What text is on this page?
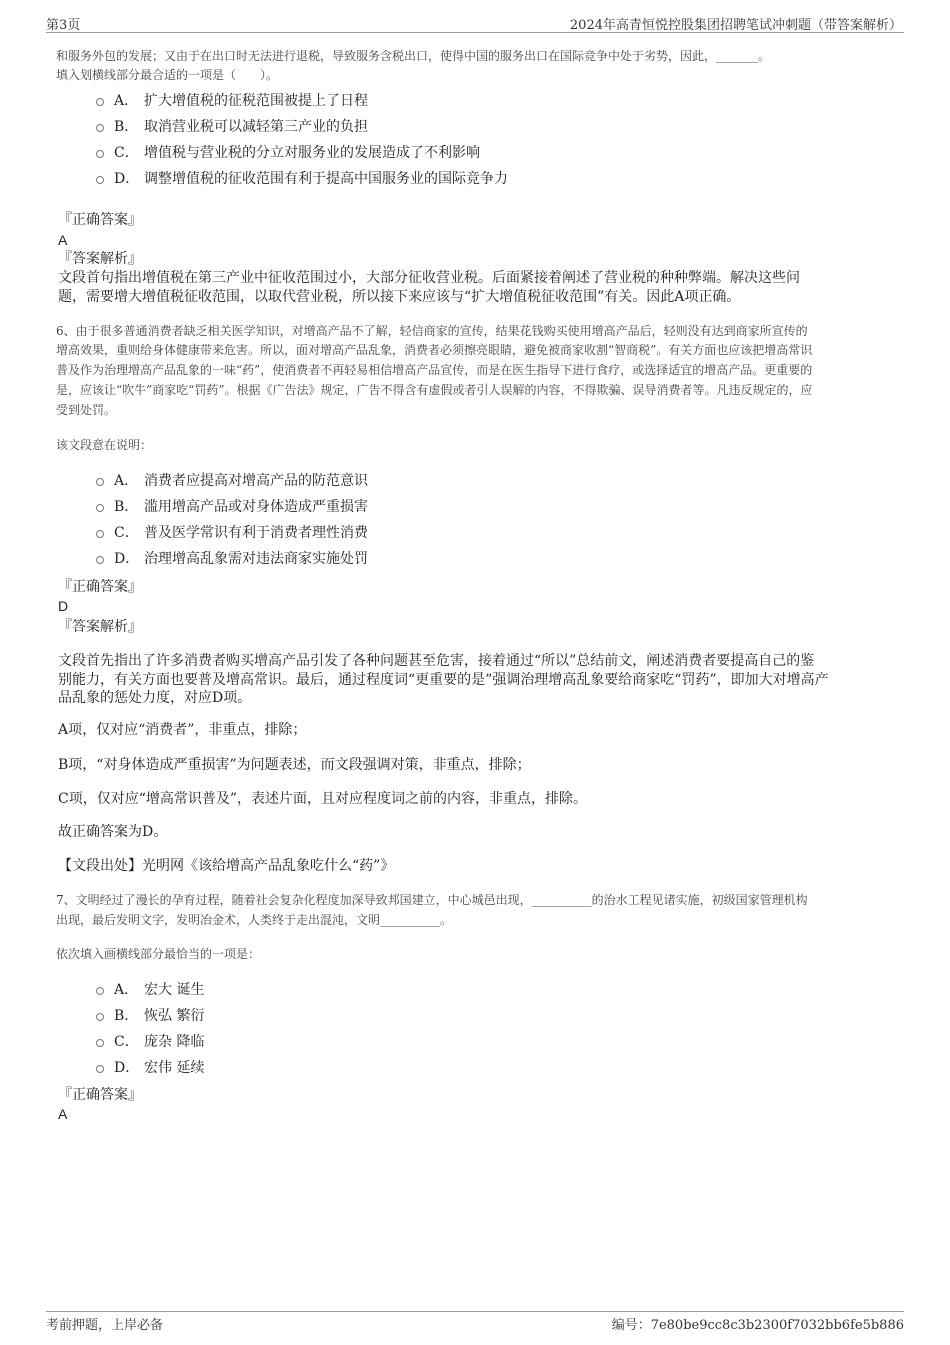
第3页	2024年高青恒悦控股集团招聘笔试冲刺题（带答案解析）
和服务外包的发展；又由于在出口时无法进行退税，导致服务含税出口，使得中国的服务出口在国际竞争中处于劣势，因此，_______。
填入划横线部分最合适的一项是（　　）。
A． 扩大增值税的征税范围被提上了日程
B． 取消营业税可以减轻第三产业的负担
C． 增值税与营业税的分立对服务业的发展造成了不利影响
D． 调整增值税的征收范围有利于提高中国服务业的国际竞争力
『正确答案』
A
『答案解析』
文段首句指出增值税在第三产业中征收范围过小，大部分征收营业税。后面紧接着阐述了营业税的种种弊端。解决这些问
题，需要增大增值税征收范围，以取代营业税，所以接下来应该与“扩大增值税征收范围”有关。因此A项正确。
6、由于很多普通消费者缺乏相关医学知识，对增高产品不了解，轻信商家的宣传，结果花钱购买使用增高产品后，轻则没有达到商家所宣传的
增高效果，重则给身体健康带来危害。所以，面对增高产品乱象，消费者必须擦亮眼睛，避免被商家收割“智商税”。有关方面也应该把增高常识
普及作为治理增高产品乱象的一味“药”，使消费者不再轻易相信增高产品宣传，而是在医生指导下进行食疗，或选择适宜的增高产品。更重要的
是，应该让“吹牛”商家吃“罚药”。根据《广告法》规定，广告不得含有虚假或者引人误解的内容，不得欺骗、误导消费者等。凡违反规定的，应
受到处罚。
该文段意在说明：
A． 消费者应提高对增高产品的防范意识
B． 滥用增高产品或对身体造成严重损害
C． 普及医学常识有利于消费者理性消费
D． 治理增高乱象需对违法商家实施处罚
『正确答案』
D
『答案解析』
文段首先指出了许多消费者购买增高产品引发了各种问题甚至危害，接着通过“所以”总结前文，阐述消费者要提高自己的鉴
别能力，有关方面也要普及增高常识。最后，通过程度词“更重要的是”强调治理增高乱象要给商家吃“罚药”，即加大对增高产
品乱象的惩处力度，对应D项。
A项，仅对应“消费者”，非重点，排除；
B项，“对身体造成严重损害”为问题表述，而文段强调对策，非重点，排除；
C项，仅对应“增高常识普及”，表述片面，且对应程度词之前的内容，非重点，排除。
故正确答案为D。
【文段出处】光明网《该给增高产品乱象吃什么“药”》
7、文明经过了漫长的孕育过程，随着社会复杂化程度加深导致邦国建立，中心城邑出现，__________的治水工程见诸实施，初级国家管理机构
出现，最后发明文字，发明冶金术，人类终于走出混沌，文明__________。
依次填入画横线部分最恰当的一项是：
A． 宏大 诞生
B． 恢弘 繁衍
C． 庞杂 降临
D． 宏伟 延续
『正确答案』
A
考前押题，上岸必备	编号：7e80be9cc8c3b2300f7032bb6fe5b886
